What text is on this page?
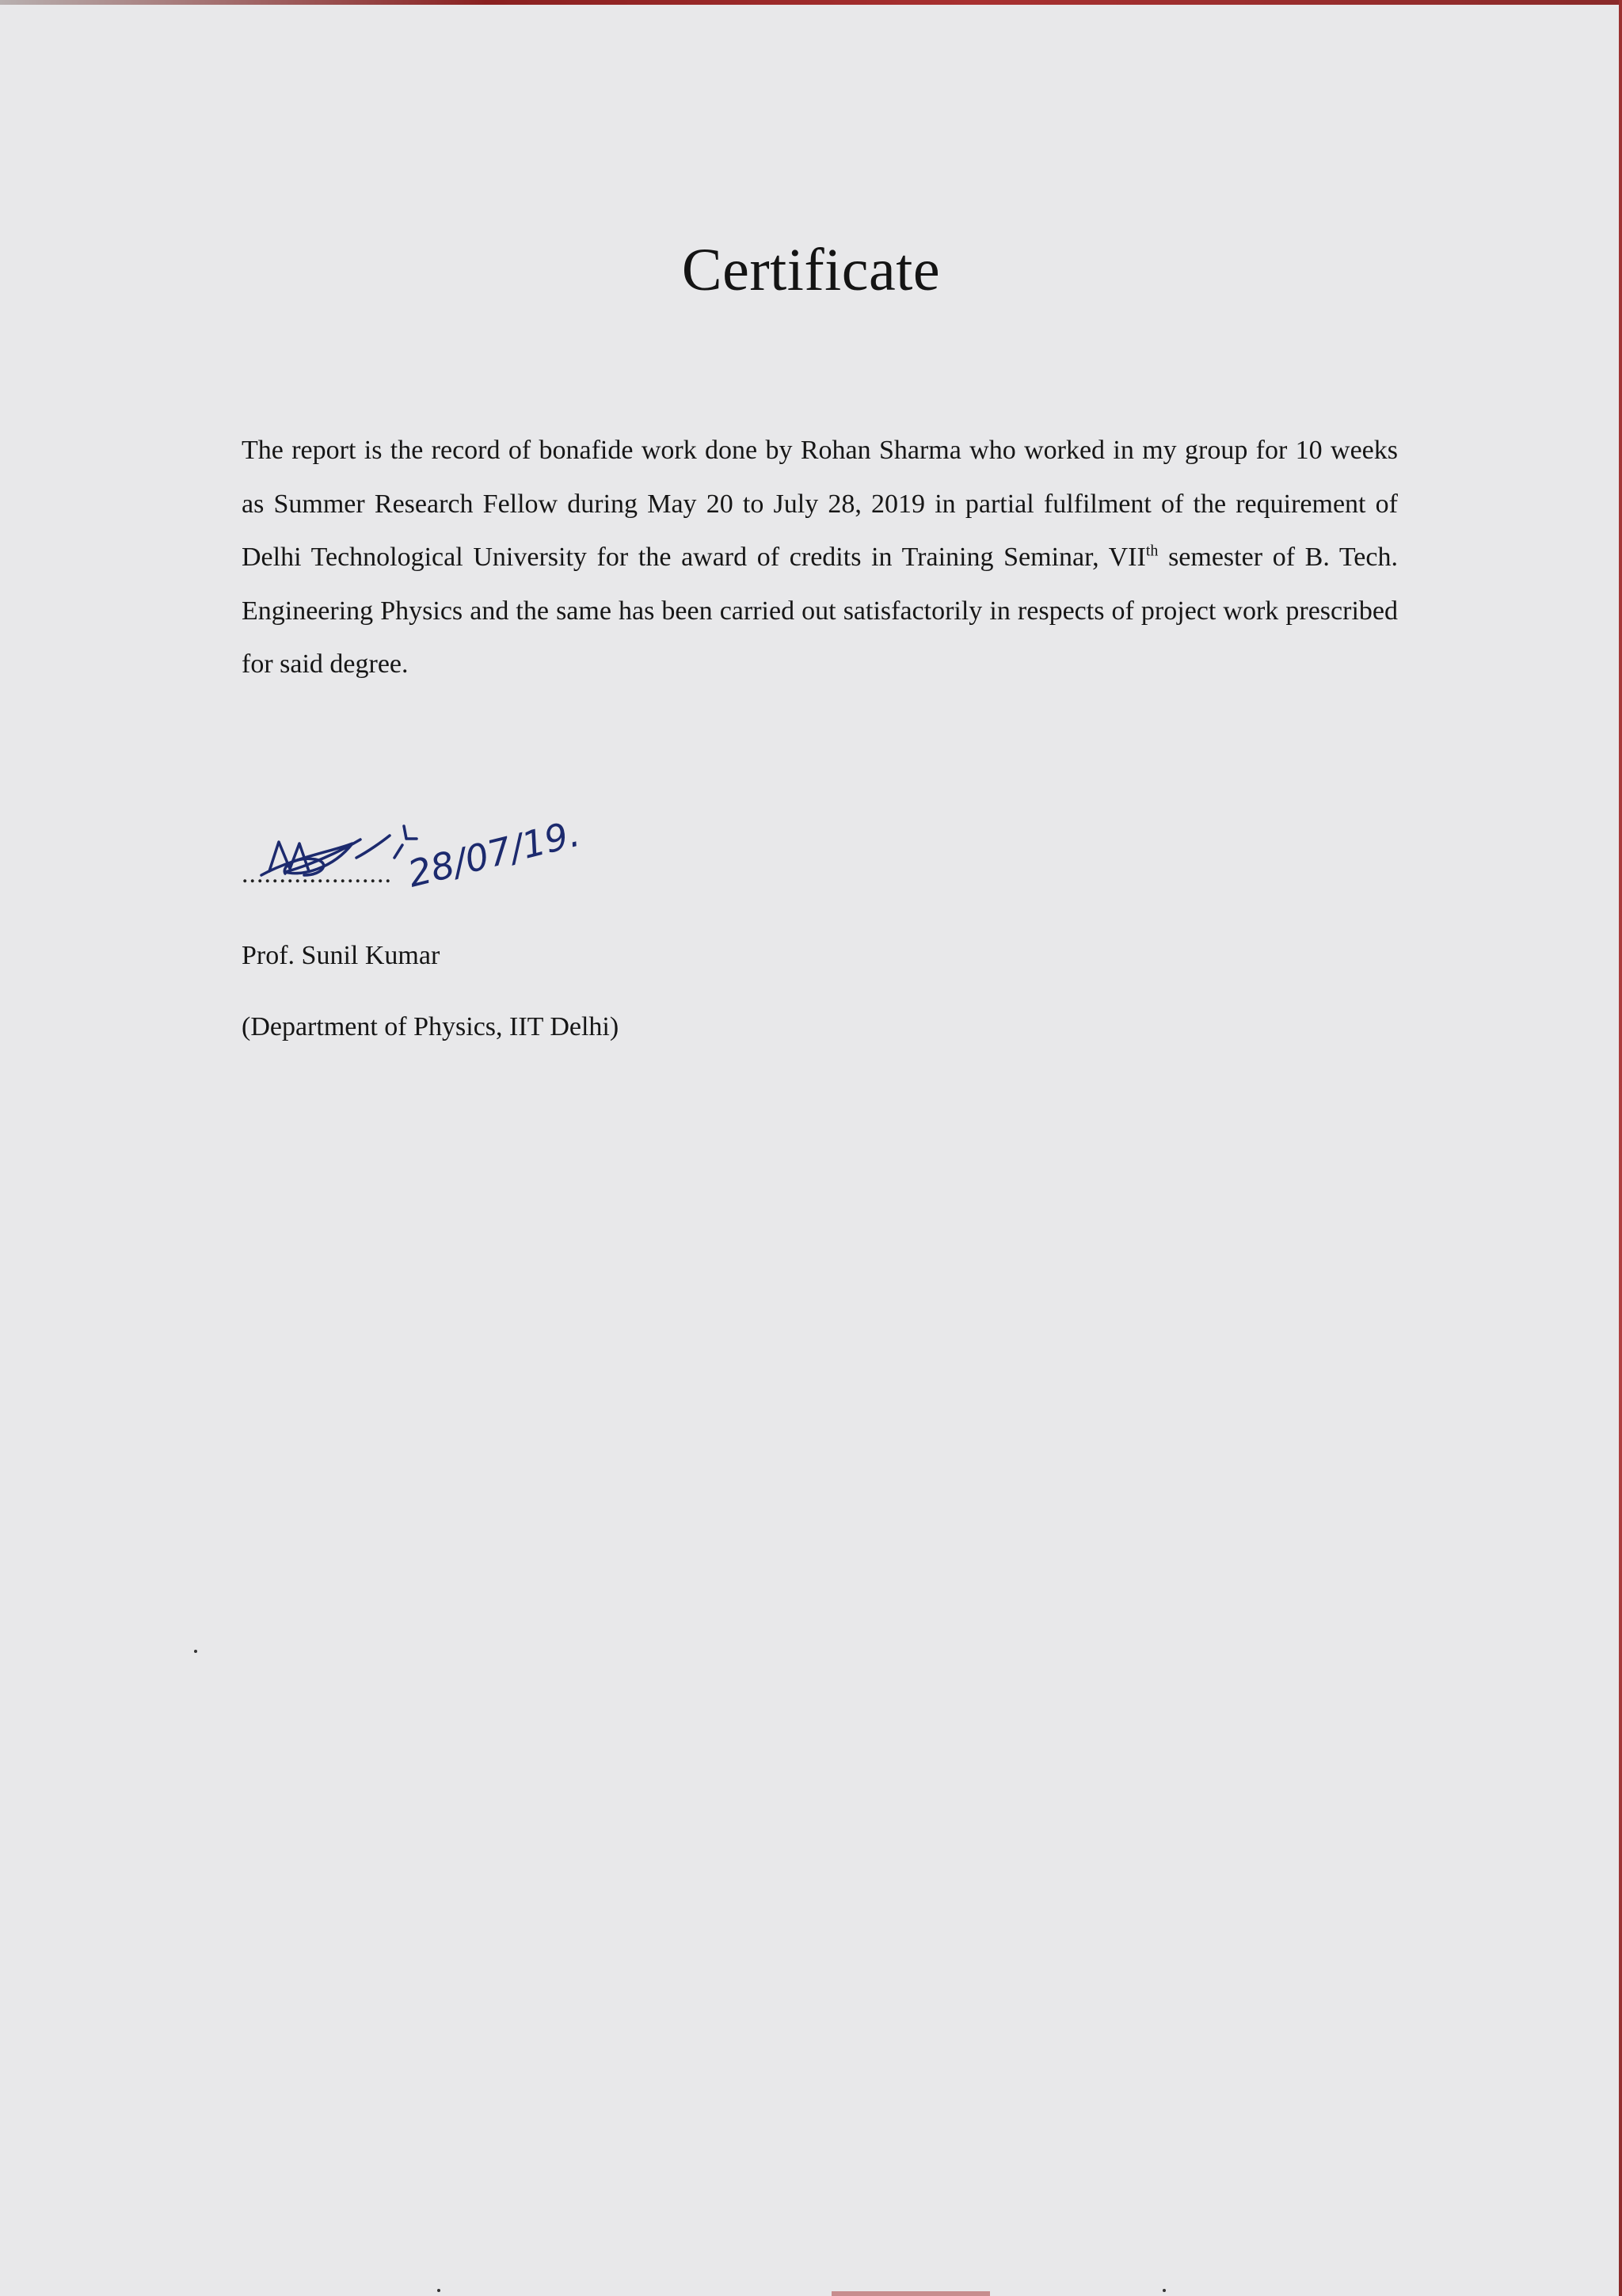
Certificate
The report is the record of bonafide work done by Rohan Sharma who worked in my group for 10 weeks as Summer Research Fellow during May 20 to July 28, 2019 in partial fulfilment of the requirement of Delhi Technological University for the award of credits in Training Seminar, VIIth semester of B. Tech. Engineering Physics and the same has been carried out satisfactorily in respects of project work prescribed for said degree.
28/07/19.
....................
Prof. Sunil Kumar
(Department of Physics, IIT Delhi)
